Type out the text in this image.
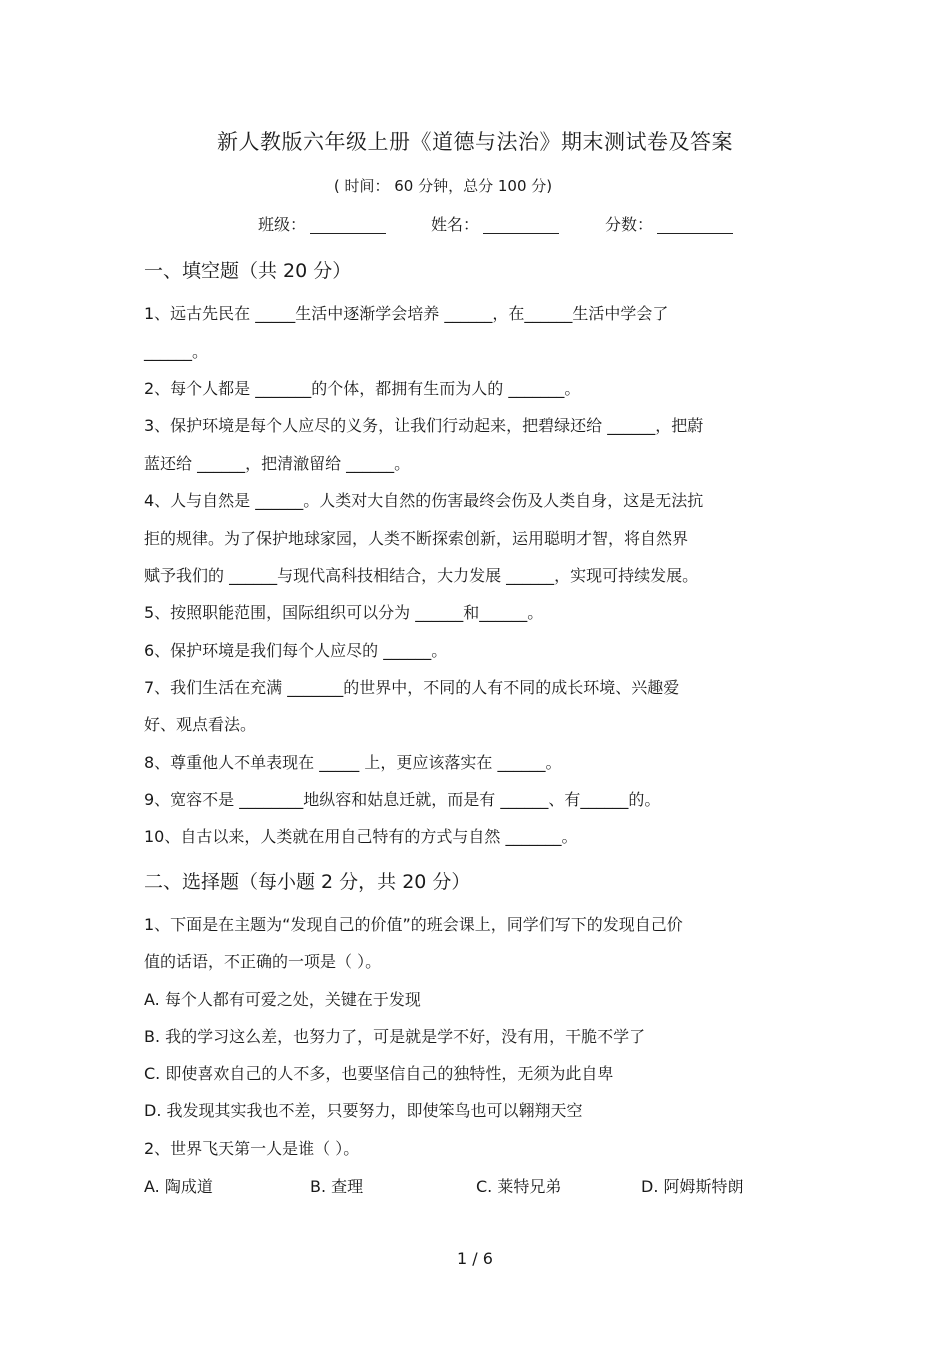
新人教版六年级上册《道德与法治》期末测试卷及答案
( 时间： 60 分钟，总分 100 分)
班级：	姓名：	分数：
一、填空题（共 20 分）
1、远古先民在 _____生活中逐渐学会培养 ______，在______生活中学会了
______。
2、每个人都是 _______的个体，都拥有生而为人的 _______。
3、保护环境是每个人应尽的义务，让我们行动起来，把碧绿还给 ______，把蔚
蓝还给 ______，把清澈留给 ______。
4、人与自然是 ______。人类对大自然的伤害最终会伤及人类自身，这是无法抗
拒的规律。为了保护地球家园，人类不断探索创新，运用聪明才智，将自然界
赋予我们的 ______与现代高科技相结合，大力发展 ______，实现可持续发展。
5、按照职能范围，国际组织可以分为 ______和______。
6、保护环境是我们每个人应尽的 ______。
7、我们生活在充满 _______的世界中，不同的人有不同的成长环境、兴趣爱
好、观点看法。
8、尊重他人不单表现在 _____ 上，更应该落实在 ______。
9、宽容不是 ________地纵容和姑息迁就，而是有 ______、有______的。
10、自古以来，人类就在用自己特有的方式与自然 _______。
二、选择题（每小题 2 分，共 20 分）
1、下面是在主题为“发现自己的价值”的班会课上，同学们写下的发现自己价
值的话语，不正确的一项是（ ）。
A. 每个人都有可爱之处，关键在于发现
B. 我的学习这么差，也努力了，可是就是学不好，没有用，干脆不学了
C. 即使喜欢自己的人不多，也要坚信自己的独特性，无须为此自卑
D. 我发现其实我也不差，只要努力，即使笨鸟也可以翱翔天空
2、世界飞天第一人是谁（ ）。
A. 陶成道	B. 查理	C. 莱特兄弟	D. 阿姆斯特朗
1 / 6
